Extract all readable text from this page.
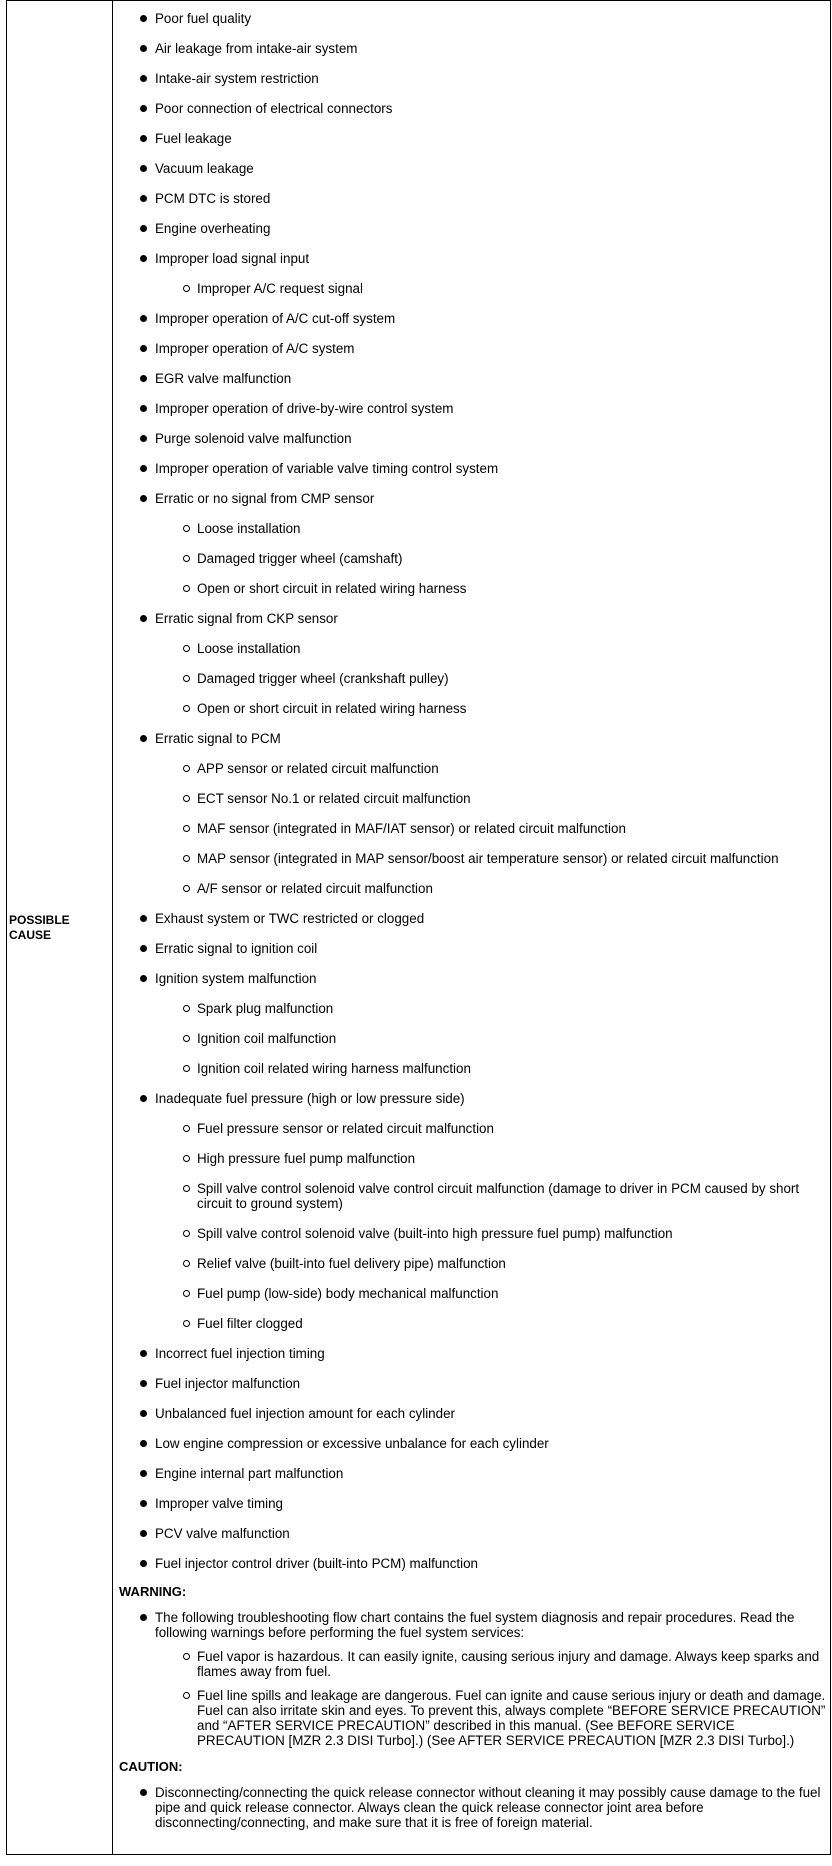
POSSIBLE CAUSE	
Poor fuel quality
Air leakage from intake-air system
Intake-air system restriction
Poor connection of electrical connectors
Fuel leakage
Vacuum leakage
PCM DTC is stored
Engine overheating
Improper load signal input
Improper A/C request signal
Improper operation of A/C cut-off system
Improper operation of A/C system
EGR valve malfunction
Improper operation of drive-by-wire control system
Purge solenoid valve malfunction
Improper operation of variable valve timing control system
Erratic or no signal from CMP sensor
Loose installation
Damaged trigger wheel (camshaft)
Open or short circuit in related wiring harness
Erratic signal from CKP sensor
Loose installation
Damaged trigger wheel (crankshaft pulley)
Open or short circuit in related wiring harness
Erratic signal to PCM
APP sensor or related circuit malfunction
ECT sensor No.1 or related circuit malfunction
MAF sensor (integrated in MAF/IAT sensor) or related circuit malfunction
MAP sensor (integrated in MAP sensor/boost air temperature sensor) or related circuit malfunction
A/F sensor or related circuit malfunction
Exhaust system or TWC restricted or clogged
Erratic signal to ignition coil
Ignition system malfunction
Spark plug malfunction
Ignition coil malfunction
Ignition coil related wiring harness malfunction
Inadequate fuel pressure (high or low pressure side)
Fuel pressure sensor or related circuit malfunction
High pressure fuel pump malfunction
Spill valve control solenoid valve control circuit malfunction (damage to driver in PCM caused by short circuit to ground system)
Spill valve control solenoid valve (built-into high pressure fuel pump) malfunction
Relief valve (built-into fuel delivery pipe) malfunction
Fuel pump (low-side) body mechanical malfunction
Fuel filter clogged
Incorrect fuel injection timing
Fuel injector malfunction
Unbalanced fuel injection amount for each cylinder
Low engine compression or excessive unbalance for each cylinder
Engine internal part malfunction
Improper valve timing
PCV valve malfunction
Fuel injector control driver (built-into PCM) malfunction
WARNING:
The following troubleshooting flow chart contains the fuel system diagnosis and repair procedures. Read the following warnings before performing the fuel system services:
Fuel vapor is hazardous. It can easily ignite, causing serious injury and damage. Always keep sparks and flames away from fuel.
Fuel line spills and leakage are dangerous. Fuel can ignite and cause serious injury or death and damage. Fuel can also irritate skin and eyes. To prevent this, always complete “BEFORE SERVICE PRECAUTION” and “AFTER SERVICE PRECAUTION” described in this manual. (See BEFORE SERVICE PRECAUTION [MZR 2.3 DISI Turbo].) (See AFTER SERVICE PRECAUTION [MZR 2.3 DISI Turbo].)
CAUTION:
Disconnecting/connecting the quick release connector without cleaning it may possibly cause damage to the fuel pipe and quick release connector. Always clean the quick release connector joint area before disconnecting/connecting, and make sure that it is free of foreign material.
